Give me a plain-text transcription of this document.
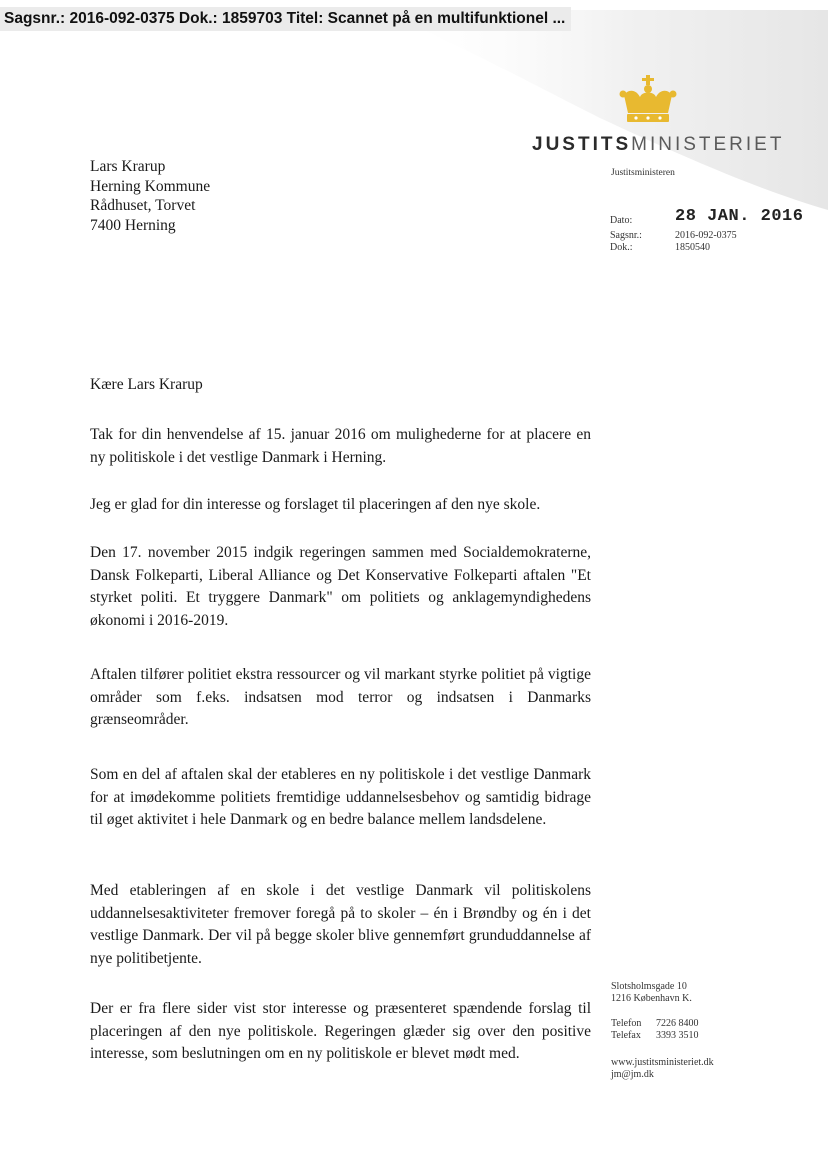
Sagsnr.: 2016-092-0375 Dok.: 1859703 Titel: Scannet på en multifunktionel ...
JUSTITSMINISTERIET
Justitsministeren
Lars Krarup
Herning Kommune
Rådhuset, Torvet
7400 Herning	Dato:	28 JAN. 2016
Sagsnr.:	2016-092-0375
Dok.:	1850540
Kære Lars Krarup
Tak for din henvendelse af 15. januar 2016 om mulighederne for at placere en ny politiskole i det vestlige Danmark i Herning.
Jeg er glad for din interesse og forslaget til placeringen af den nye skole.
Den 17. november 2015 indgik regeringen sammen med Socialdemokraterne, Dansk Folkeparti, Liberal Alliance og Det Konservative Folkeparti aftalen "Et styrket politi. Et tryggere Danmark" om politiets og anklagemyndighedens økonomi i 2016-2019.
Aftalen tilfører politiet ekstra ressourcer og vil markant styrke politiet på vigtige områder som f.eks. indsatsen mod terror og indsatsen i Danmarks grænseområder.
Som en del af aftalen skal der etableres en ny politiskole i det vestlige Danmark for at imødekomme politiets fremtidige uddannelsesbehov og samtidig bidrage til øget aktivitet i hele Danmark og en bedre balance mellem landsdelene.
Med etableringen af en skole i det vestlige Danmark vil politiskolens uddannelsesaktiviteter fremover foregå på to skoler – én i Brøndby og én i det vestlige Danmark. Der vil på begge skoler blive gennemført grunduddannelse af nye politibetjente.
Der er fra flere sider vist stor interesse og præsenteret spændende forslag til placeringen af den nye politiskole. Regeringen glæder sig over den positive interesse, som beslutningen om en ny politiskole er blevet mødt med.
Slotsholmsgade 10
1216 København K.
Telefon	7226 8400
Telefax	3393 3510
www.justitsministeriet.dk
jm@jm.dk
